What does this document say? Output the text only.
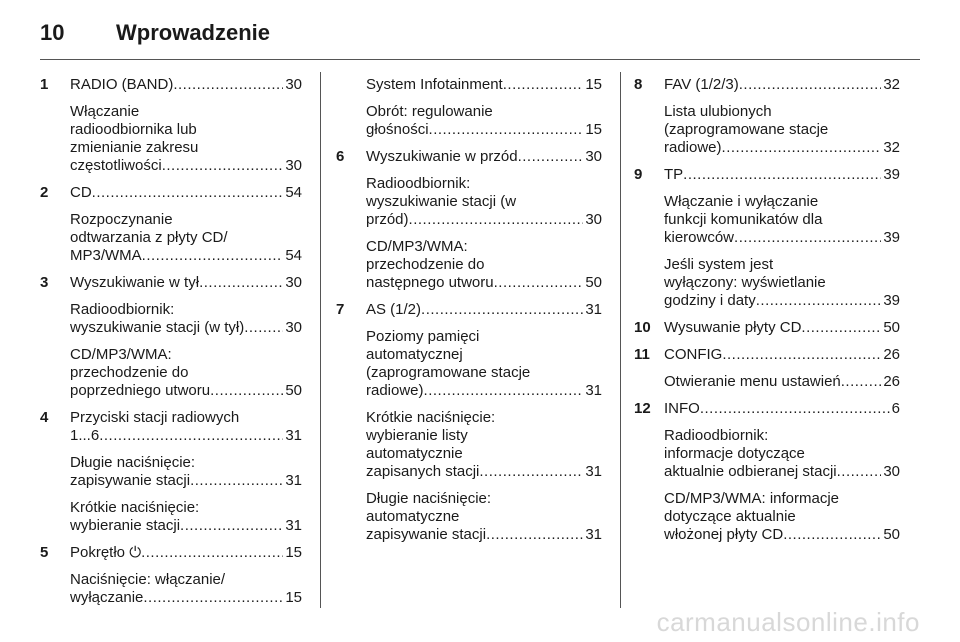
10	Wprowadzenie
1 RADIO (BAND) .....	30
Włączanie
radioodbiornika lub
zmienianie zakresu
częstotliwości .....	30
2 CD .....	54
Rozpoczynanie
odtwarzania z płyty CD/
MP3/WMA .....	54
3 Wyszukiwanie w tył .....	30
Radioodbiornik:
wyszukiwanie stacji (w tył) .....	30
CD/MP3/WMA:
przechodzenie do
poprzedniego utworu .....	50
4 Przyciski stacji radiowych
1...6 .....	31
Długie naciśnięcie:
zapisywanie stacji .....	31
Krótkie naciśnięcie:
wybieranie stacji .....	31
5 Pokrętło ⏻ .....	15
Naciśnięcie: włączanie/
wyłączanie .....	15
System Infotainment .....	15
Obrót: regulowanie
głośności .....	15
6 Wyszukiwanie w przód .....	30
Radioodbiornik:
wyszukiwanie stacji (w
przód) .....	30
CD/MP3/WMA:
przechodzenie do
następnego utworu .....	50
7 AS (1/2) .....	31
Poziomy pamięci
automatycznej
(zaprogramowane stacje
radiowe) .....	31
Krótkie naciśnięcie:
wybieranie listy
automatycznie
zapisanych stacji .....	31
Długie naciśnięcie:
automatyczne
zapisywanie stacji .....	31
8 FAV (1/2/3) .....	32
Lista ulubionych
(zaprogramowane stacje
radiowe) .....	32
9 TP .....	39
Włączanie i wyłączanie
funkcji komunikatów dla
kierowców .....	39
Jeśli system jest
wyłączony: wyświetlanie
godziny i daty .....	39
10 Wysuwanie płyty CD .....	50
11 CONFIG .....	26
Otwieranie menu ustawień .....	26
12 INFO .....	6
Radioodbiornik:
informacje dotyczące
aktualnie odbieranej stacji .....	30
CD/MP3/WMA: informacje
dotyczące aktualnie
włożonej płyty CD .....	50
carmanualsonline.info
